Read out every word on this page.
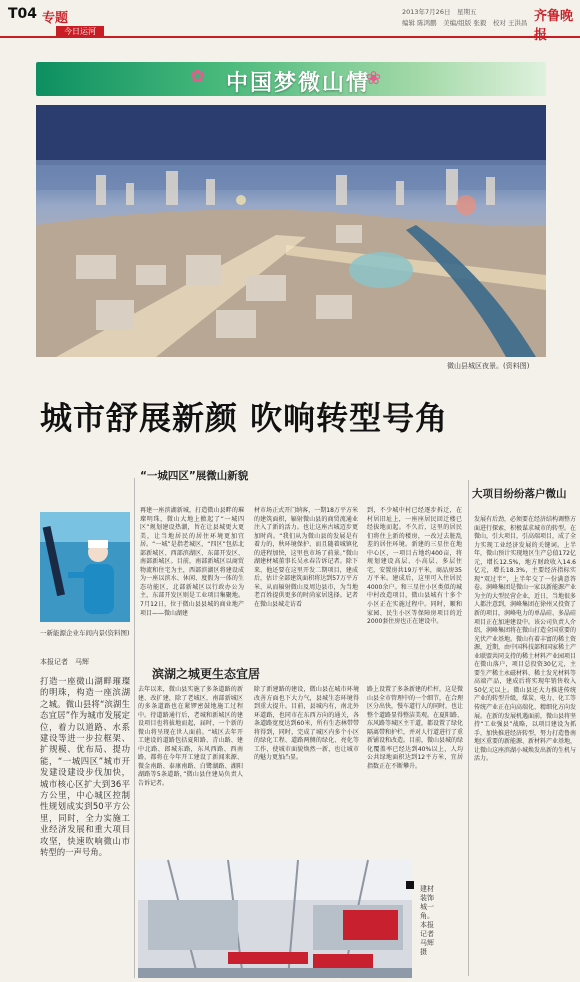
T04 专题
今日运河
2013年7月26日　星期五
编辑 陈鸿鹏　美编/组版 张毅　校对 王洪昌 齐鲁晚
✿ 中国梦微山情
❀
微山县城区夜景。(资料图)
城市舒展新颜 吹响转型号角
“一城四区”展微山新貌
大项目纷纷落户微山
滨湖之城更生态宜居
一新能源企业车间内景(资料图)
本报记者　马辉
打造一座微山湖畔璀璨的明珠，构造一座滨湖之城。微山县将“滨湖生态宜居”作为城市发展定位，着力以道路、水系建设等进一步拉框架、扩规模、优布局、提功能，“一城四区”城市开发建设建设步伐加快，城市核心区扩大到36平方公里，中心城区控制性规划成实到50平方公里，同时，全力实施工业经济发展和重大项目攻坚，快速吹响微山市转型的一声号角。
再建一座滨湖新城，打造微山县畔的璀璨明珠，微山大地上掀起了“一城四区”规划建设热潮，旨在让县城更大更美，让当地居民的居住环境更加宜居。“一城”是指老城区，“四区”包括北部新城区、西部滨湖区、东部开发区、南部新城区。目前，南部新城区以商贸物流和住宅为主，西部滨湖区将建设成为一座以滨水、休闲、度假为一体的生态功能区，北部新城区以行政办公为主，东部开发区则是工业项目集聚地。7月12日，位于微山县县城的商业地产项目——微山湖建
材市场正式开门纳客，一期18万平方米的建筑面积，辐射微山县的商贸流通业注入了新的活力。也让这座古城迈步更加时尚。“我们从为微山县的发展是有着力的，秋环境保护、而且随着城镇化的进程加快，这里也市场了前景。”微山湖建材城董事长吴永春告诉记者。除下来，他还要在这里开发二期项目，建成后，估计全部建筑面积将达到57万平方米，从而辐射微山及周边县市，为当地老百姓提供更多的时尚家居选择。记者在微山县城走访看
到，不少城中村已经逐步拆迁，在村居旧址上，一座座居民回迁楼已经拔地而起。不久后，这里的居民们将住上新的楼房，一改过去脏乱差的居住环境。新建的三星住在地中心区，一项目占地约400亩，将规划建设高层、小高层、多层住宅，安置房共19万平米，商品房35万平米。建成后，这里可入住居民4000余户。和三星住小区类似的城中村改造项目，微山县城有十多个小区正在实施过程中。同时，顺和家园、民生小区等保障房项目的近2000套住房也正在建设中。
去年以来，微山县实施了多条道路的新建、改扩建，除了老城区，南部新城区的多条道路也在紧锣密鼓地施工过程中。待道路通行后，老城和新城区的建设项目也将拔地而起，届时，一个新的微山将呈现在世人面前。“城区去年开工建设的道路包括夏阳路、青山路、建中北路、郎城东路，东风西路、西南路，都将在今年开工建设了新闻来源、微金南路、泰康南路、白鹭湖路、湖阳湖路等5条道路，”微山县住建局负责人告诉记者。
除了新建路的建设，微山县在城市环境改善方面也下大力气，县城生态环境得到重大提升。目前，县城内有，南北外环道路，也同市在东西方向的通关，各条道路宽度达到60米，所有生态林带带将得到，同时，完成了城区内多个小区的绿化工程、道路两侧的绿化、亮化等工作，使城市面貌焕然一新，也让城市的魅力更加凸显。
路上设置了多条新建的栏杆，这是微山县全市管理中的一个细节，在合理区分出快，慢车道行人的同时，也让整个道路显得整洁美观。在夏阳路、东风路等城区主干道，都设置了绿化隔离带和护栏，并对人行道进行了重新铺设和改造。目前，微山县城的绿化覆盖率已经达到40%以上，人均公共绿地面积达到12平方米，宜居指数正在不断攀升。
发展有后劲，必须要在经济结构调整方面进行探索，积极谋求城市的转型。在微山，引大项目，引高端项目，成了全力实现工业经济发展的关键词。上半年，微山预计实现地区生产总值172亿元，增长12.5%，地方财政收入14.6亿元，增长18.3%，主要经济指标实现“双过半”，上半年交了一份满意答卷。润峰集团是微山一家以新能源产业为主的大型民营企业，近日，当地很多人都注意到，润峰集团在徐州又投资了新的项目，润峰电力的单晶硅、多晶硅项目正在加速建设中。该公司负责人介绍，润峰集团将在微山打造全国重要的光伏产业基地。微山有着丰富的稀土资源，近期，由中国科技部和国家稀土产业联盟共同支持的稀土材料产业园项目在微山落户，项目总投资30亿元，主要生产稀土永磁材料、稀土发光材料等高端产品，建成后将实现年销售收入50亿元以上。微山县还大力推进传统产业的转型升级，煤炭、电力、化工等传统产业正在向高端化、精细化方向发展。在新的发展机遇面前，微山县将坚持“工业强县”战略，以项目建设为抓手，加快推进经济转型，努力打造鲁南地区重要的新能源、新材料产业基地，让微山这座滨湖小城焕发出新的生机与活力。
建材装饰城一角。本报记者 马辉 摄
